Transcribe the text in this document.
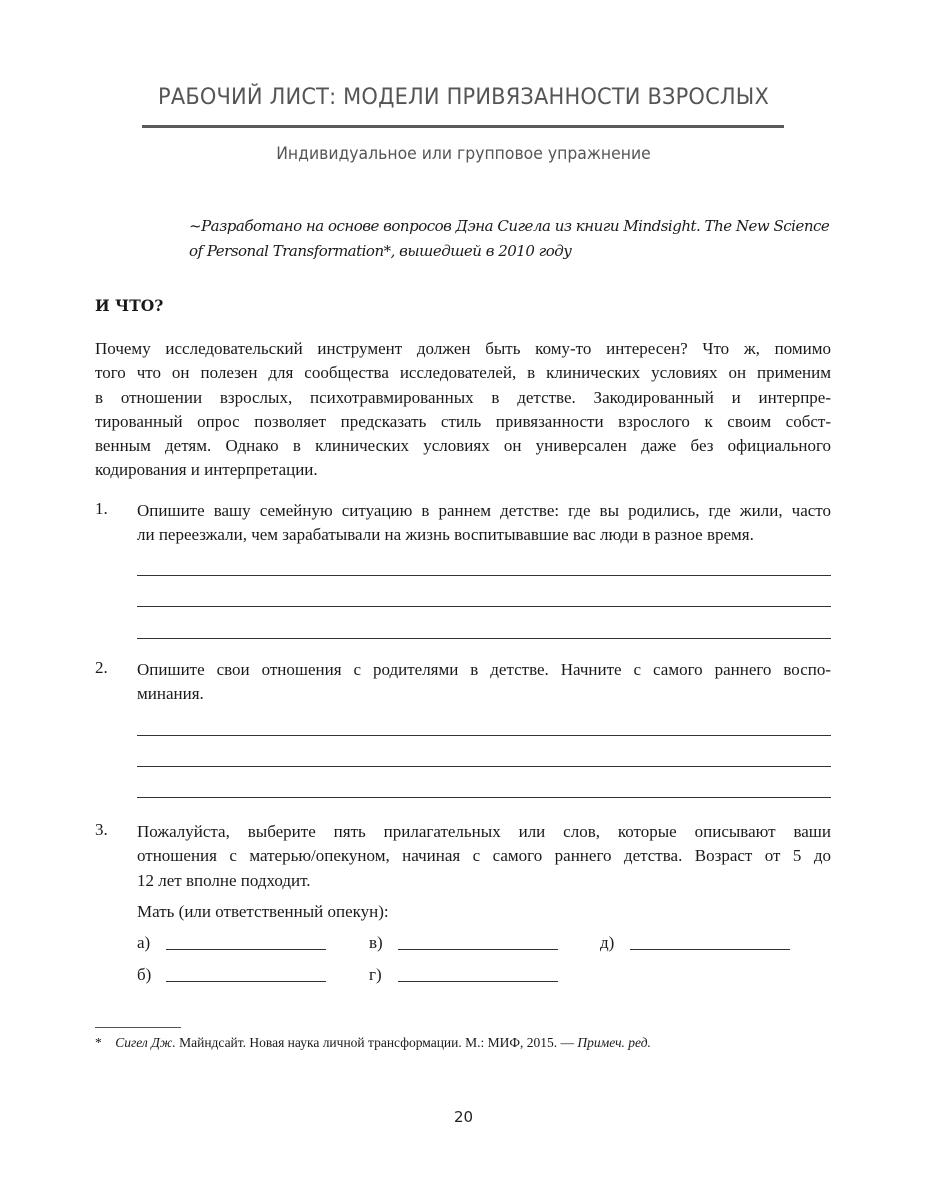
РАБОЧИЙ ЛИСТ: МОДЕЛИ ПРИВЯЗАННОСТИ ВЗРОСЛЫХ
Индивидуальное или групповое упражнение
~Разработано на основе вопросов Дэна Сигела из книги Mindsight. The New Science
of Personal Transformation*, вышедшей в 2010 году
И ЧТО?
Почему исследовательский инструмент должен быть кому-то интересен? Что ж, помимо
того что он полезен для сообщества исследователей, в клинических условиях он применим
в отношении взрослых, психотравмированных в детстве. Закодированный и интерпре-
тированный опрос позволяет предсказать стиль привязанности взрослого к своим собст-
венным детям. Однако в клинических условиях он универсален даже без официального
кодирования и интерпретации.
1. Опишите вашу семейную ситуацию в раннем детстве: где вы родились, где жили, часто
ли переезжали, чем зарабатывали на жизнь воспитывавшие вас люди в разное время.
2. Опишите свои отношения с родителями в детстве. Начните с самого раннего воспо-
минания.
3. Пожалуйста, выберите пять прилагательных или слов, которые описывают ваши
отношения с матерью/опекуном, начиная с самого раннего детства. Возраст от 5 до
12 лет вполне подходит.
Мать (или ответственный опекун):
а)	в)	д)
б)	г)
* Сигел Дж. Майндсайт. Новая наука личной трансформации. М.: МИФ, 2015. — Примеч. ред.
20
